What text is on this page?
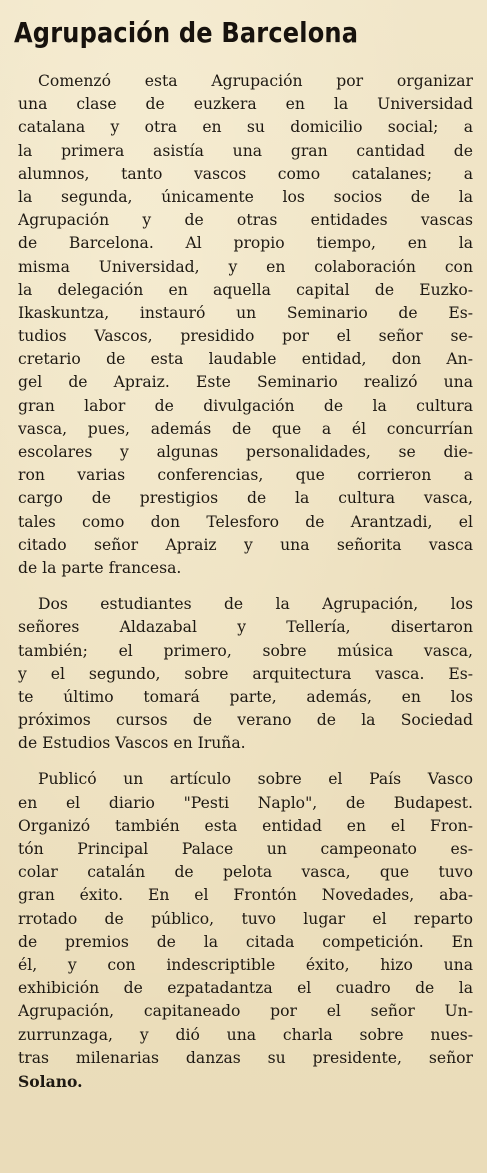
Agrupación de Barcelona
Comenzó esta Agrupación por organizar
una clase de euzkera en la Universidad
catalana y otra en su domicilio social; a
la primera asistía una gran cantidad de
alumnos, tanto vascos como catalanes; a
la segunda, únicamente los socios de la
Agrupación y de otras entidades vascas
de Barcelona. Al propio tiempo, en la
misma Universidad, y en colaboración con
la delegación en aquella capital de Euzko-
Ikaskuntza, instauró un Seminario de Es-
tudios Vascos, presidido por el señor se-
cretario de esta laudable entidad, don An-
gel de Apraiz. Este Seminario realizó una
gran labor de divulgación de la cultura
vasca, pues, además de que a él concurrían
escolares y algunas personalidades, se die-
ron varias conferencias, que corrieron a
cargo de prestigios de la cultura vasca,
tales como don Telesforo de Arantzadi, el
citado señor Apraiz y una señorita vasca
de la parte francesa.
Dos estudiantes de la Agrupación, los
señores Aldazabal y Tellería, disertaron
también; el primero, sobre música vasca,
y el segundo, sobre arquitectura vasca. Es-
te último tomará parte, además, en los
próximos cursos de verano de la Sociedad
de Estudios Vascos en Iruña.
Publicó un artículo sobre el País Vasco
en el diario "Pesti Naplo", de Budapest.
Organizó también esta entidad en el Fron-
tón Principal Palace un campeonato es-
colar catalán de pelota vasca, que tuvo
gran éxito. En el Frontón Novedades, aba-
rrotado de público, tuvo lugar el reparto
de premios de la citada competición. En
él, y con indescriptible éxito, hizo una
exhibición de ezpatadantza el cuadro de la
Agrupación, capitaneado por el señor Un-
zurrunzaga, y dió una charla sobre nues-
tras milenarias danzas su presidente, señor
Solano.
